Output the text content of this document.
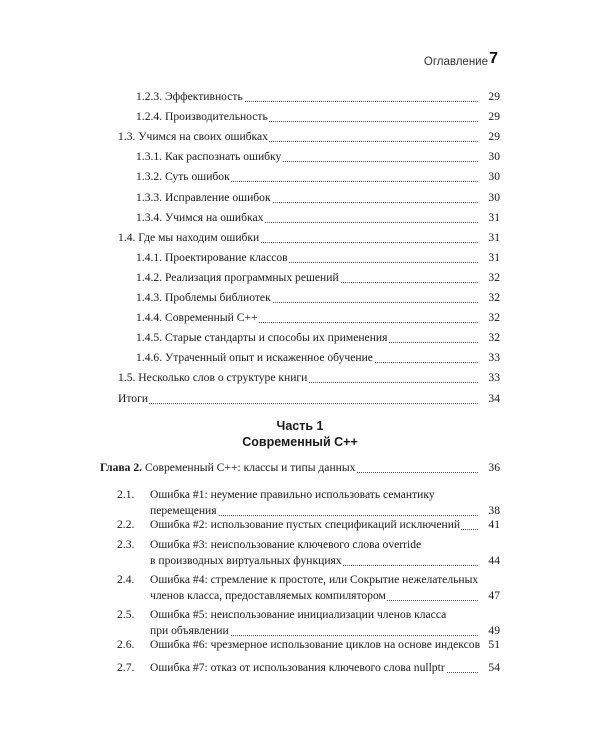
Оглавление 7
1.2.3. Эффективность	29
1.2.4. Производительность	29
1.3. Учимся на своих ошибках	29
1.3.1. Как распознать ошибку	30
1.3.2. Суть ошибок	30
1.3.3. Исправление ошибок	30
1.3.4. Учимся на ошибках	31
1.4. Где мы находим ошибки	31
1.4.1. Проектирование классов	31
1.4.2. Реализация программных решений	32
1.4.3. Проблемы библиотек	32
1.4.4. Современный C++	32
1.4.5. Старые стандарты и способы их применения	32
1.4.6. Утраченный опыт и искаженное обучение	33
1.5. Несколько слов о структуре книги	33
Итоги	34
Часть 1
Современный C++
Глава 2. Современный C++: классы и типы данных	36
2.1.	Ошибка #1: неумение правильно использовать семантику
перемещения	38
2.2.	Ошибка #2: использование пустых спецификаций исключений 41
2.3.	Ошибка #3: неиспользование ключевого слова override
в производных виртуальных функциях	44
2.4.	Ошибка #4: стремление к простоте, или Сокрытие нежелательных
членов класса, предоставляемых компилятором	47
2.5.	Ошибка #5: неиспользование инициализации членов класса
при объявлении	49
2.6.	Ошибка #6: чрезмерное использование циклов на основе индексов 51
2.7.	Ошибка #7: отказ от использования ключевого слова nullptr	54
